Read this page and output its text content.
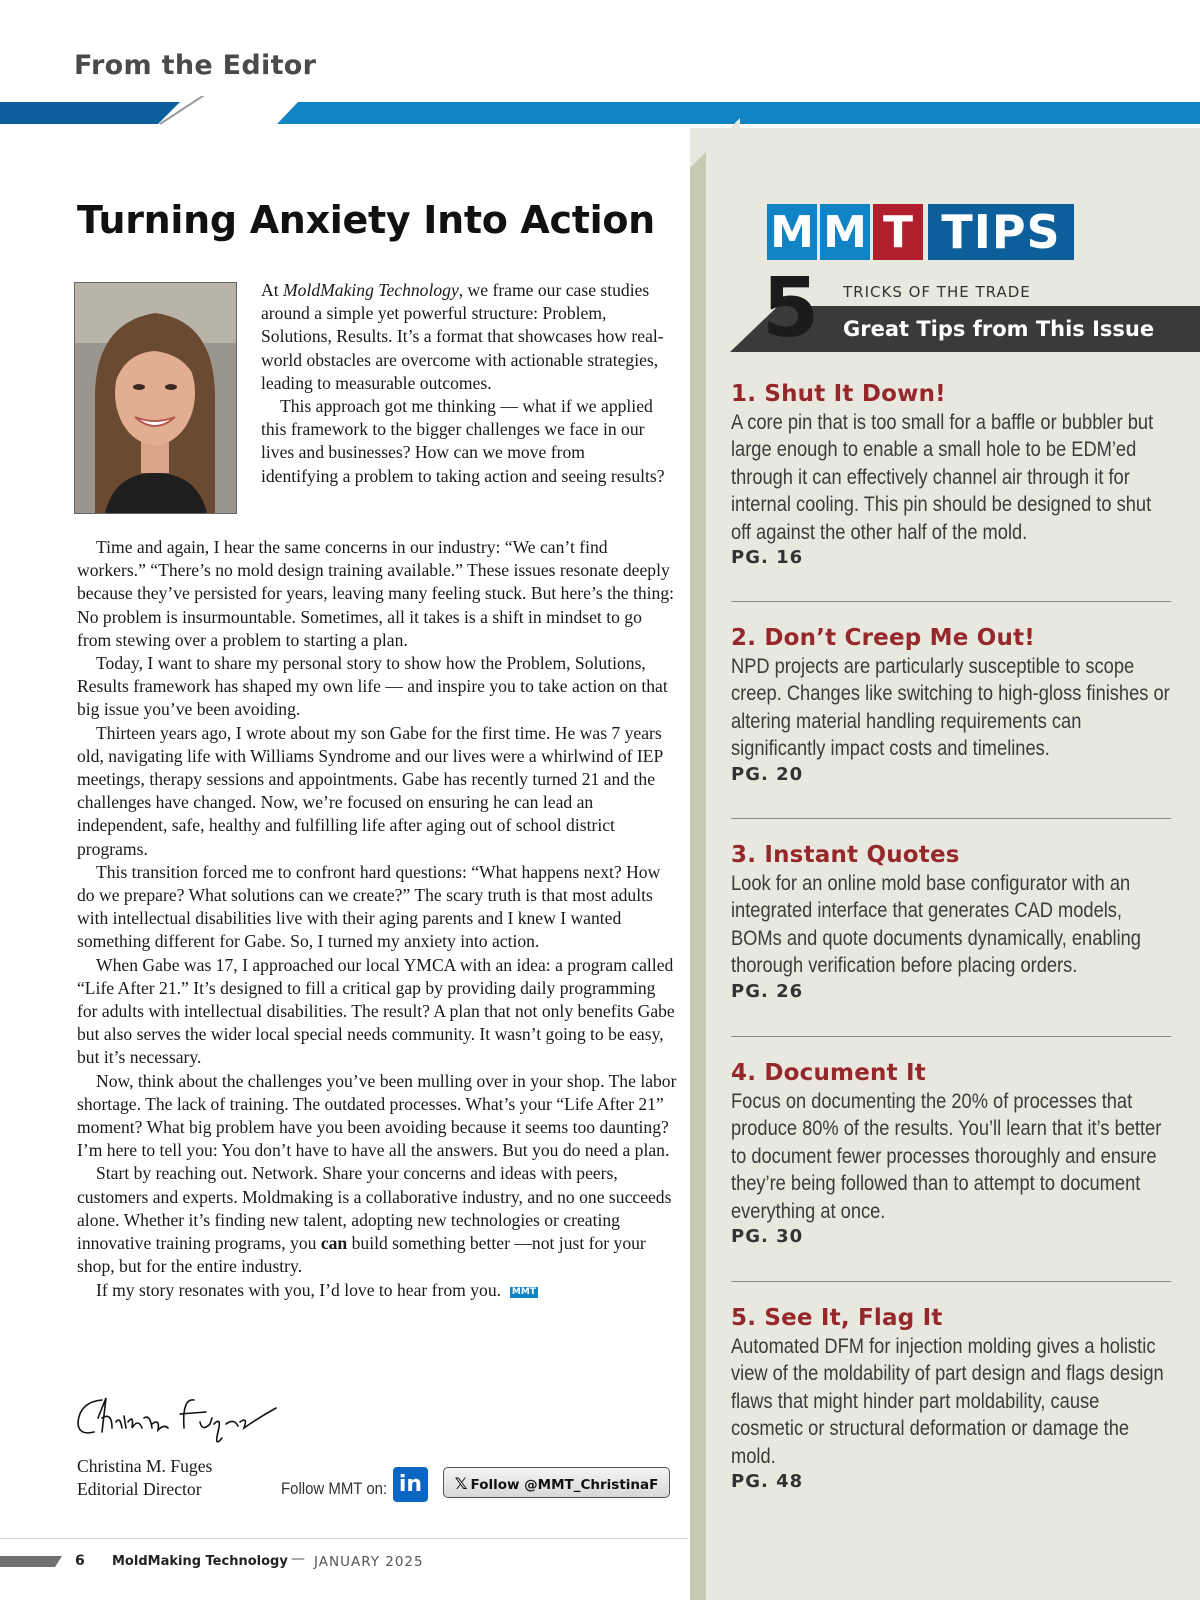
From the Editor
Turning Anxiety Into Action

At MoldMaking Technology, we frame our case studies around a simple yet powerful structure: Problem, Solutions, Results. It’s a format that showcases how real-world obstacles are overcome with actionable strategies, leading to measurable outcomes.

This approach got me thinking — what if we applied this framework to the bigger challenges we face in our lives and businesses? How can we move from identifying a problem to taking action and seeing results?

Time and again, I hear the same concerns in our industry: “We can’t find workers.” “There’s no mold design training available.” These issues resonate deeply because they’ve persisted for years, leaving many feeling stuck. But here’s the thing: No problem is insurmountable. Sometimes, all it takes is a shift in mindset to go from stewing over a problem to starting a plan.

Today, I want to share my personal story to show how the Problem, Solutions, Results framework has shaped my own life — and inspire you to take action on that big issue you’ve been avoiding.

Thirteen years ago, I wrote about my son Gabe for the first time. He was 7 years old, navigating life with Williams Syndrome and our lives were a whirlwind of IEP meetings, therapy sessions and appointments. Gabe has recently turned 21 and the challenges have changed. Now, we’re focused on ensuring he can lead an independent, safe, healthy and fulfilling life after aging out of school district programs.

This transition forced me to confront hard questions: “What happens next? How do we prepare? What solutions can we create?” The scary truth is that most adults with intellectual disabilities live with their aging parents and I knew I wanted something different for Gabe. So, I turned my anxiety into action.

When Gabe was 17, I approached our local YMCA with an idea: a program called “Life After 21.” It’s designed to fill a critical gap by providing daily programming for adults with intellectual disabilities. The result? A plan that not only benefits Gabe but also serves the wider local special needs community. It wasn’t going to be easy, but it’s necessary.

Now, think about the challenges you’ve been mulling over in your shop. The labor shortage. The lack of training. The outdated processes. What’s your “Life After 21” moment? What big problem have you been avoiding because it seems too daunting? I’m here to tell you: You don’t have to have all the answers. But you do need a plan.

Start by reaching out. Network. Share your concerns and ideas with peers, customers and experts. Moldmaking is a collaborative industry, and no one succeeds alone. Whether it’s finding new talent, adopting new technologies or creating innovative training programs, you can build something better —not just for your shop, but for the entire industry.

If my story resonates with you, I’d love to hear from you. MMT

Christina M. Fuges
Editorial Director	Follow MMT on: in	𝕏 Follow @MMT_ChristinaF
6 MoldMaking Technology — JANUARY 2025
M M T TIPS
5 TRICKS OF THE TRADE
Great Tips from This Issue
1. Shut It Down!

A core pin that is too small for a baffle or bubbler but large enough to enable a small hole to be EDM’ed through it can effectively channel air through it for internal cooling. This pin should be designed to shut off against the other half of the mold.

PG. 16
2. Don’t Creep Me Out!

NPD projects are particularly susceptible to scope creep. Changes like switching to high-gloss finishes or altering material handling requirements can significantly impact costs and timelines.

PG. 20
3. Instant Quotes

Look for an online mold base configurator with an integrated interface that generates CAD models, BOMs and quote documents dynamically, enabling thorough verification before placing orders.

PG. 26
4. Document It

Focus on documenting the 20% of processes that produce 80% of the results. You’ll learn that it’s better to document fewer processes thoroughly and ensure they’re being followed than to attempt to document everything at once.

PG. 30
5. See It, Flag It

Automated DFM for injection molding gives a holistic view of the moldability of part design and flags design flaws that might hinder part moldability, cause cosmetic or structural deformation or damage the mold.

PG. 48
